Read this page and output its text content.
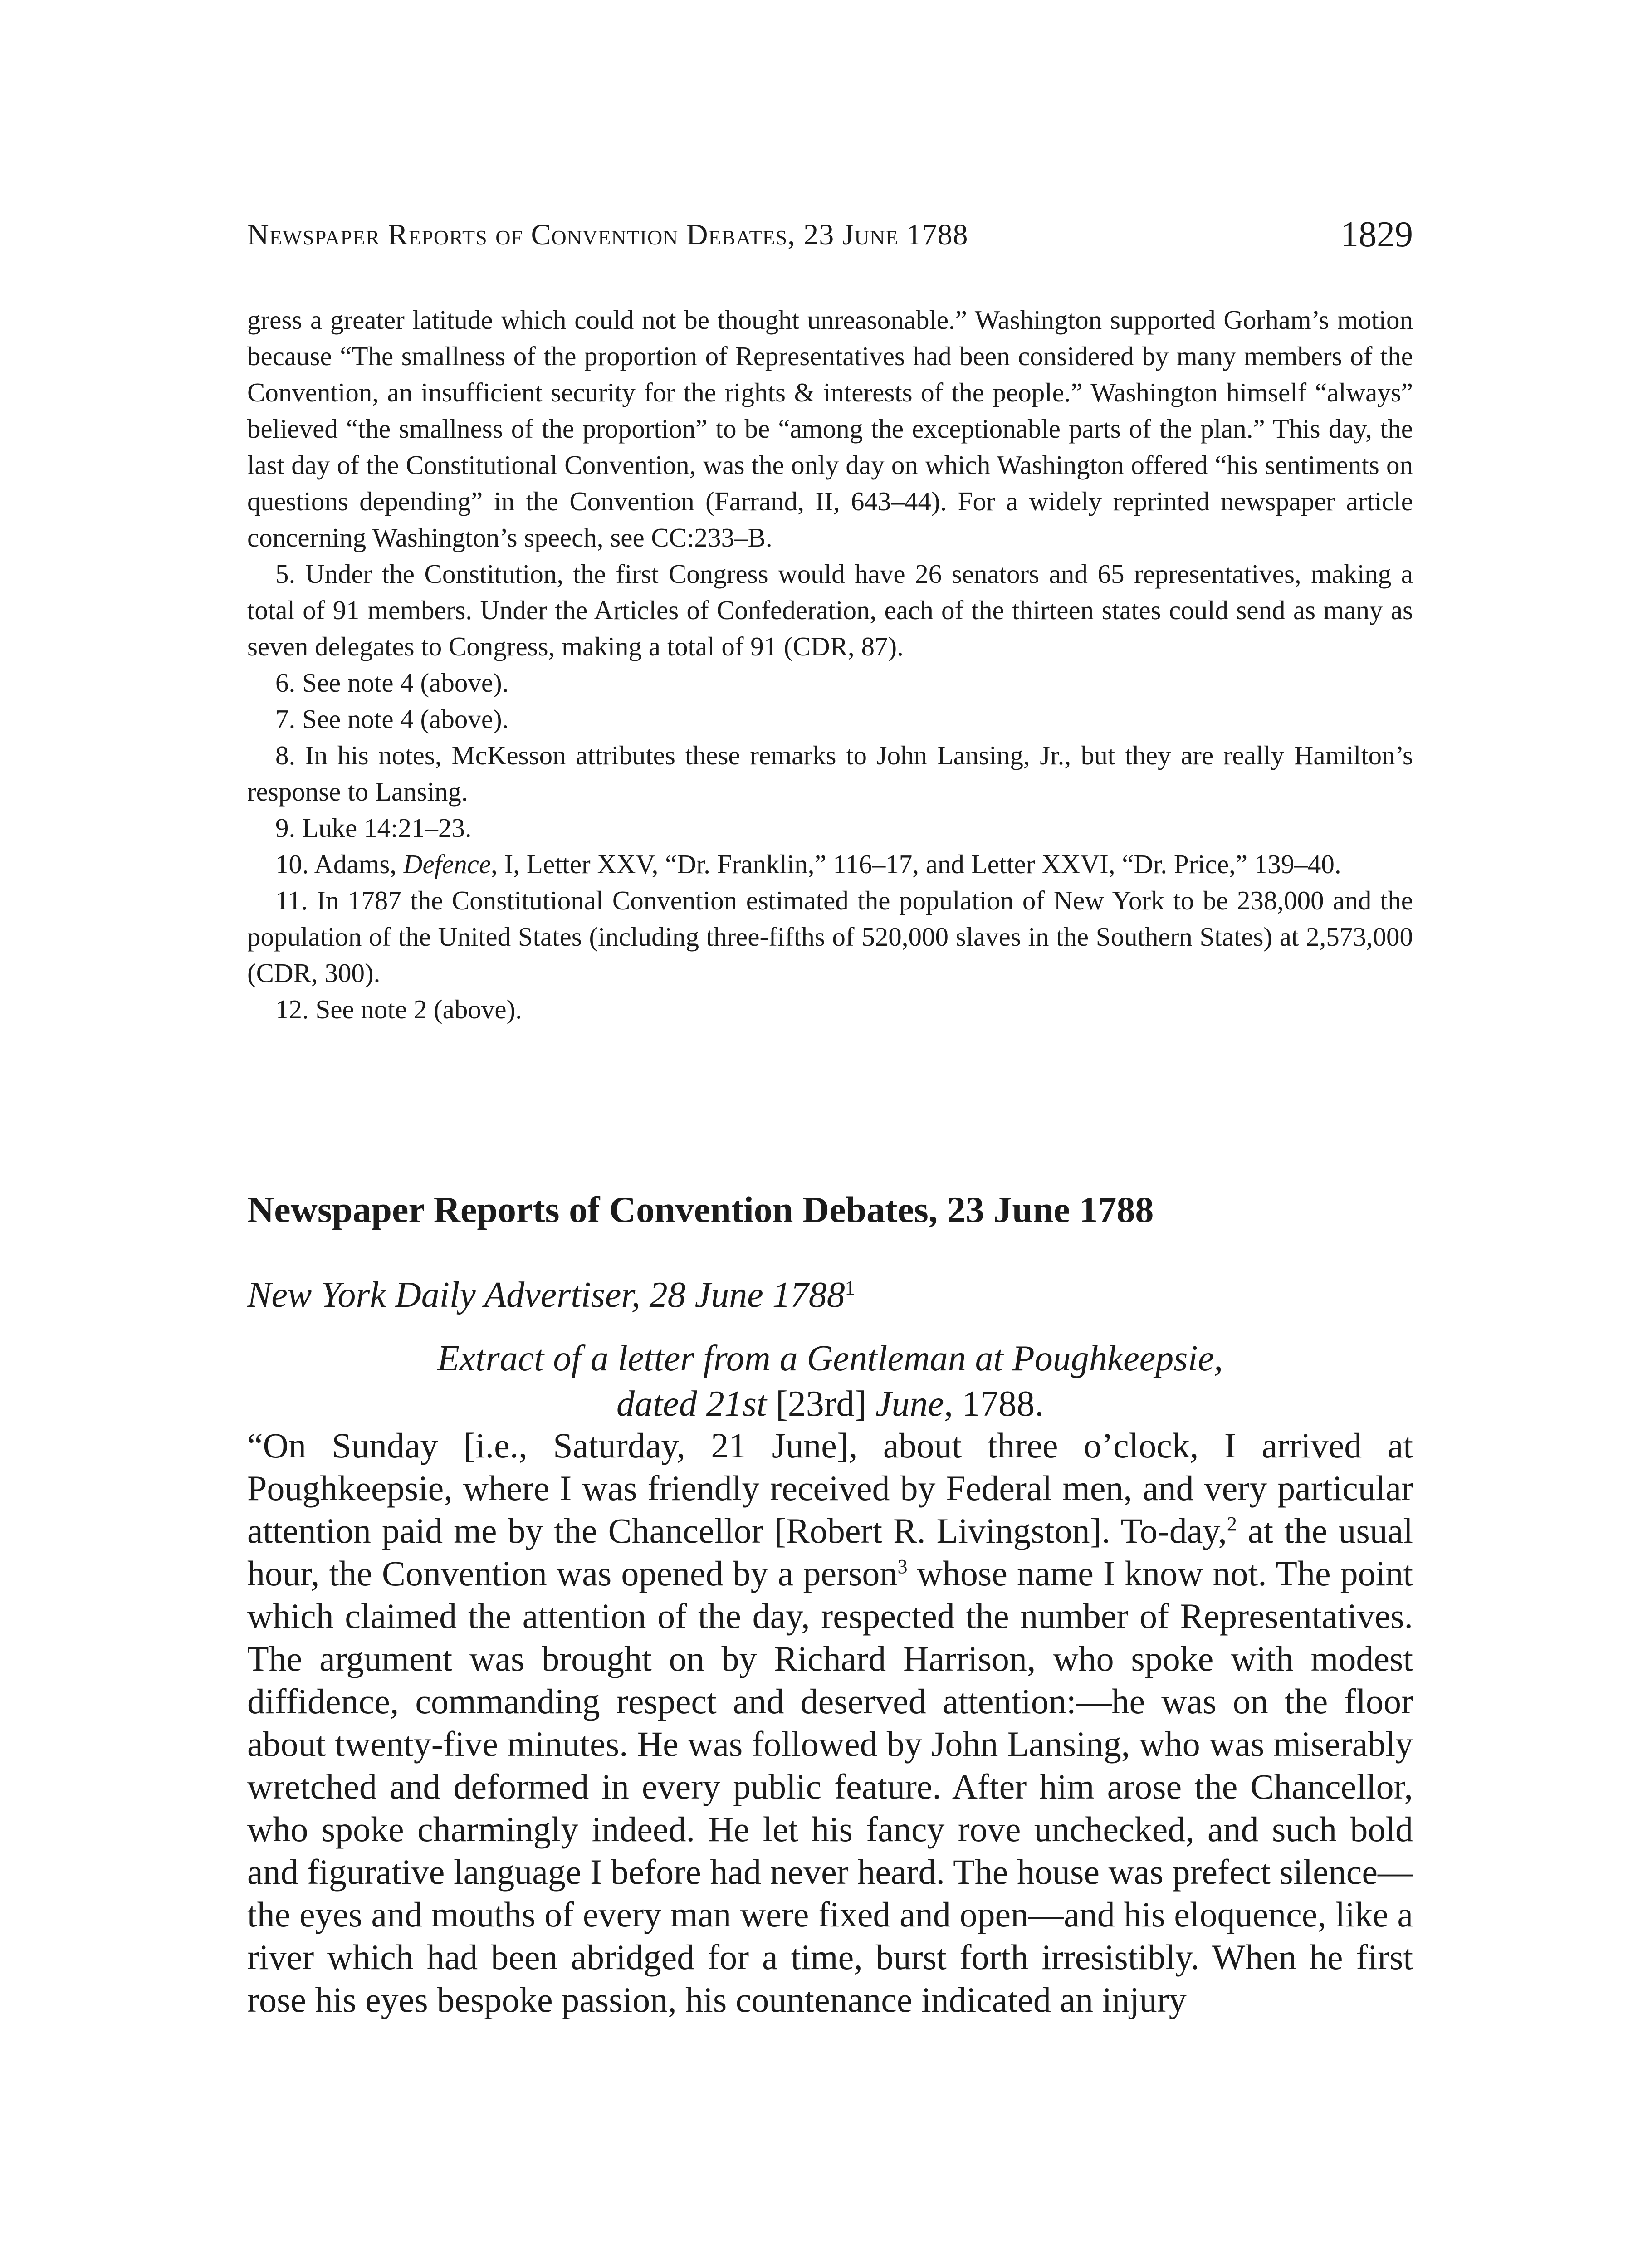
Newspaper Reports of Convention Debates, 23 June 1788	1829

gress a greater latitude which could not be thought unreasonable.” Washington supported Gorham’s motion because “The smallness of the proportion of Representatives had been considered by many members of the Convention, an insufficient security for the rights & interests of the people.” Washington himself “always” believed “the smallness of the proportion” to be “among the exceptionable parts of the plan.” This day, the last day of the Constitutional Convention, was the only day on which Washington offered “his sentiments on questions depending” in the Convention (Farrand, II, 643–44). For a widely reprinted newspaper article concerning Washington’s speech, see CC:233–B.

5. Under the Constitution, the first Congress would have 26 senators and 65 representatives, making a total of 91 members. Under the Articles of Confederation, each of the thirteen states could send as many as seven delegates to Congress, making a total of 91 (CDR, 87).

6. See note 4 (above).

7. See note 4 (above).

8. In his notes, McKesson attributes these remarks to John Lansing, Jr., but they are really Hamilton’s response to Lansing.

9. Luke 14:21–23.

10. Adams, Defence, I, Letter XXV, “Dr. Franklin,” 116–17, and Letter XXVI, “Dr. Price,” 139–40.

11. In 1787 the Constitutional Convention estimated the population of New York to be 238,000 and the population of the United States (including three-fifths of 520,000 slaves in the Southern States) at 2,573,000 (CDR, 300).

12. See note 2 (above).

Newspaper Reports of Convention Debates, 23 June 1788
New York Daily Advertiser, 28 June 1788$^1$
Extract of a letter from a Gentleman at Poughkeepsie,
dated 21st [23rd] June, 1788.
“On Sunday [i.e., Saturday, 21 June], about three o’clock, I arrived at Poughkeepsie, where I was friendly received by Federal men, and very particular attention paid me by the Chancellor [Robert R. Livingston]. To-day,$^2$ at the usual hour, the Convention was opened by a person$^3$ whose name I know not. The point which claimed the attention of the day, respected the number of Representatives. The argument was brought on by Richard Harrison, who spoke with modest diffidence, commanding respect and deserved attention:—he was on the floor about twenty-five minutes. He was followed by John Lansing, who was miserably wretched and deformed in every public feature. After him arose the Chancellor, who spoke charmingly indeed. He let his fancy rove unchecked, and such bold and figurative language I before had never heard. The house was prefect silence—the eyes and mouths of every man were fixed and open—and his eloquence, like a river which had been abridged for a time, burst forth irresistibly. When he first rose his eyes bespoke passion, his countenance indicated an injury
